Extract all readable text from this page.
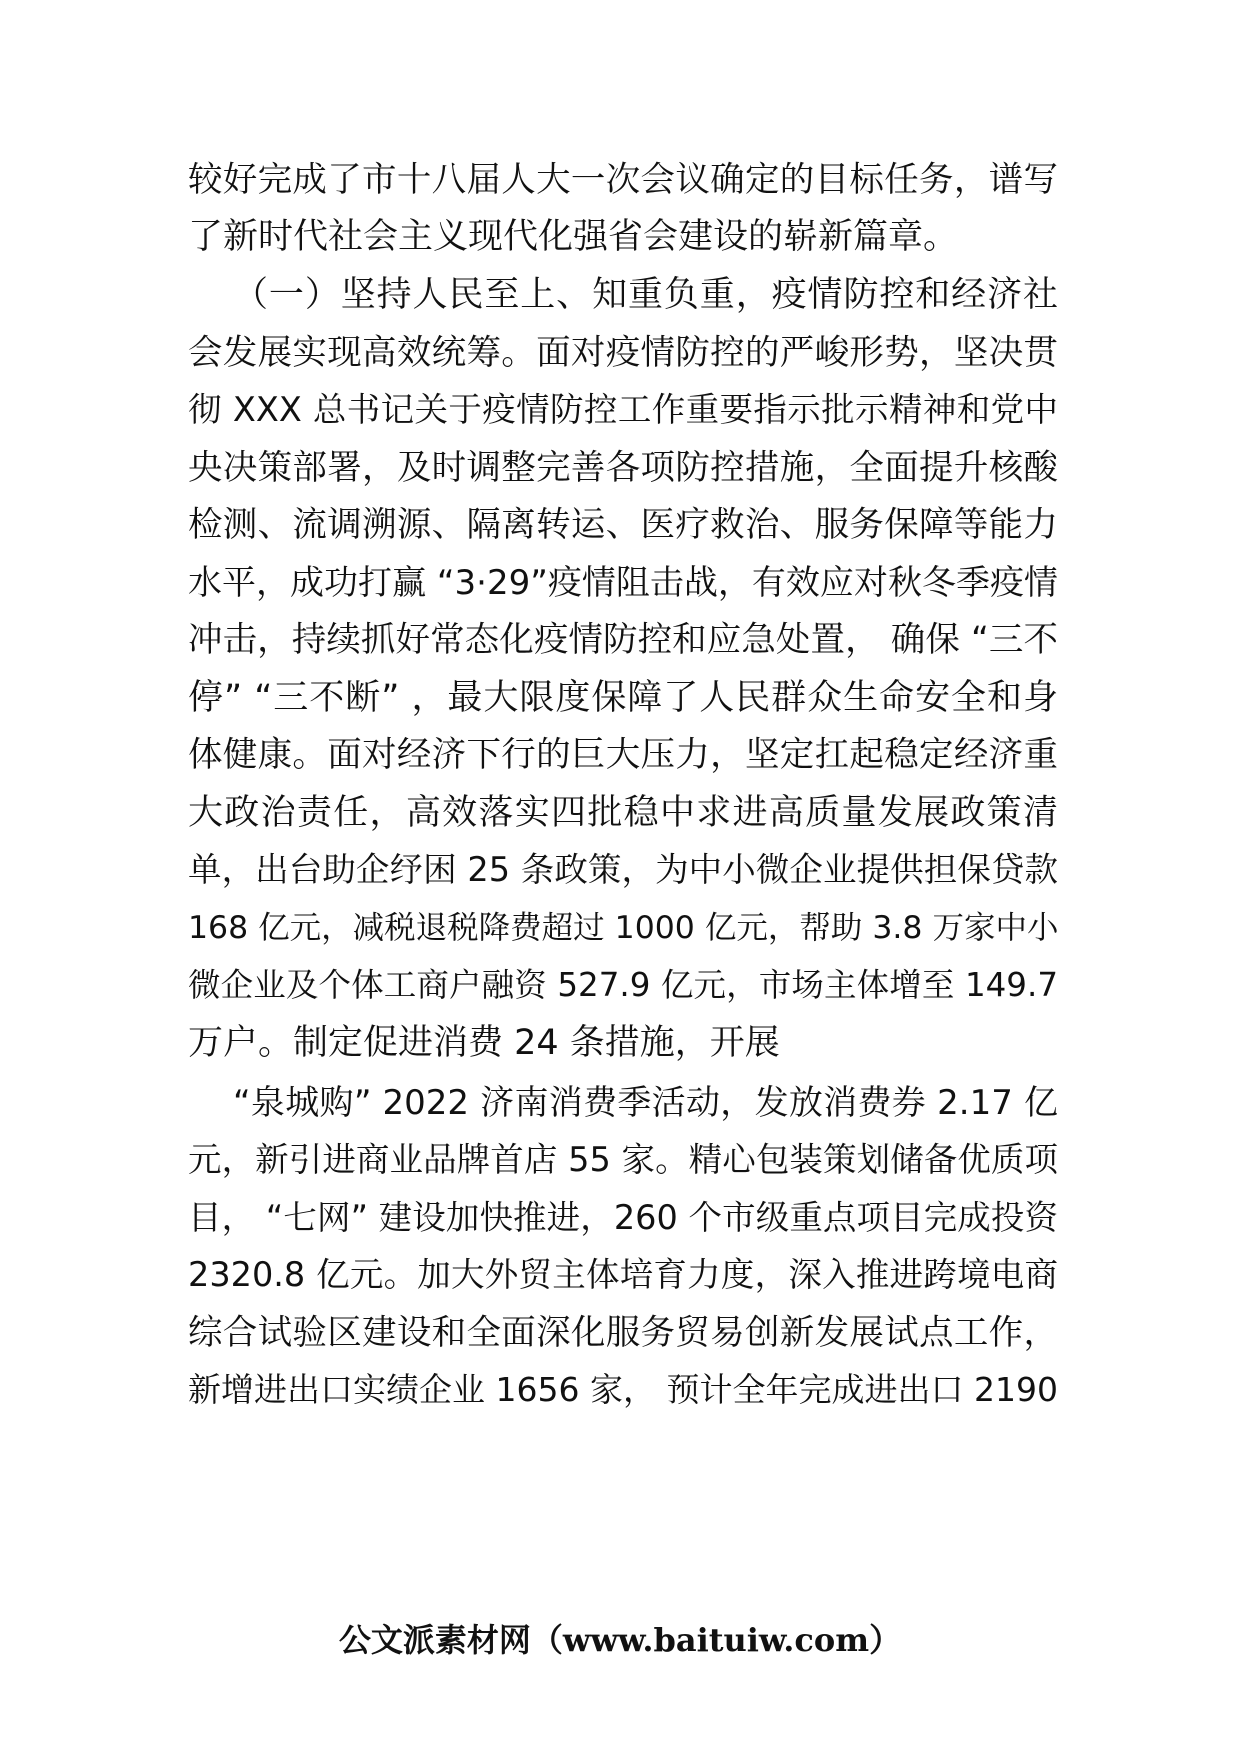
较好完成了市十八届人大一次会议确定的目标任务，谱写
了新时代社会主义现代化强省会建设的崭新篇章。
（一）坚持人民至上、知重负重，疫情防控和经济社
会发展实现高效统筹。面对疫情防控的严峻形势，坚决贯
彻 XXX 总书记关于疫情防控工作重要指示批示精神和党中
央决策部署，及时调整完善各项防控措施，全面提升核酸
检测、流调溯源、隔离转运、医疗救治、服务保障等能力
水平，成功打赢 “3·29”疫情阻击战，有效应对秋冬季疫情
冲击，持续抓好常态化疫情防控和应急处置， 确保 “三不
停” “三不断” ，最大限度保障了人民群众生命安全和身
体健康。面对经济下行的巨大压力，坚定扛起稳定经济重
大政治责任，高效落实四批稳中求进高质量发展政策清
单，出台助企纾困 25 条政策，为中小微企业提供担保贷款
168 亿元，减税退税降费超过 1000 亿元，帮助 3.8 万家中小
微企业及个体工商户融资 527.9 亿元，市场主体增至 149.7
万户。制定促进消费 24 条措施，开展
“泉城购” 2022 济南消费季活动，发放消费券 2.17 亿
元，新引进商业品牌首店 55 家。精心包装策划储备优质项
目， “七网” 建设加快推进，260 个市级重点项目完成投资
2320.8 亿元。加大外贸主体培育力度，深入推进跨境电商
综合试验区建设和全面深化服务贸易创新发展试点工作，
新增进出口实绩企业 1656 家， 预计全年完成进出口 2190
公文派素材网（www.baituiw.com）
